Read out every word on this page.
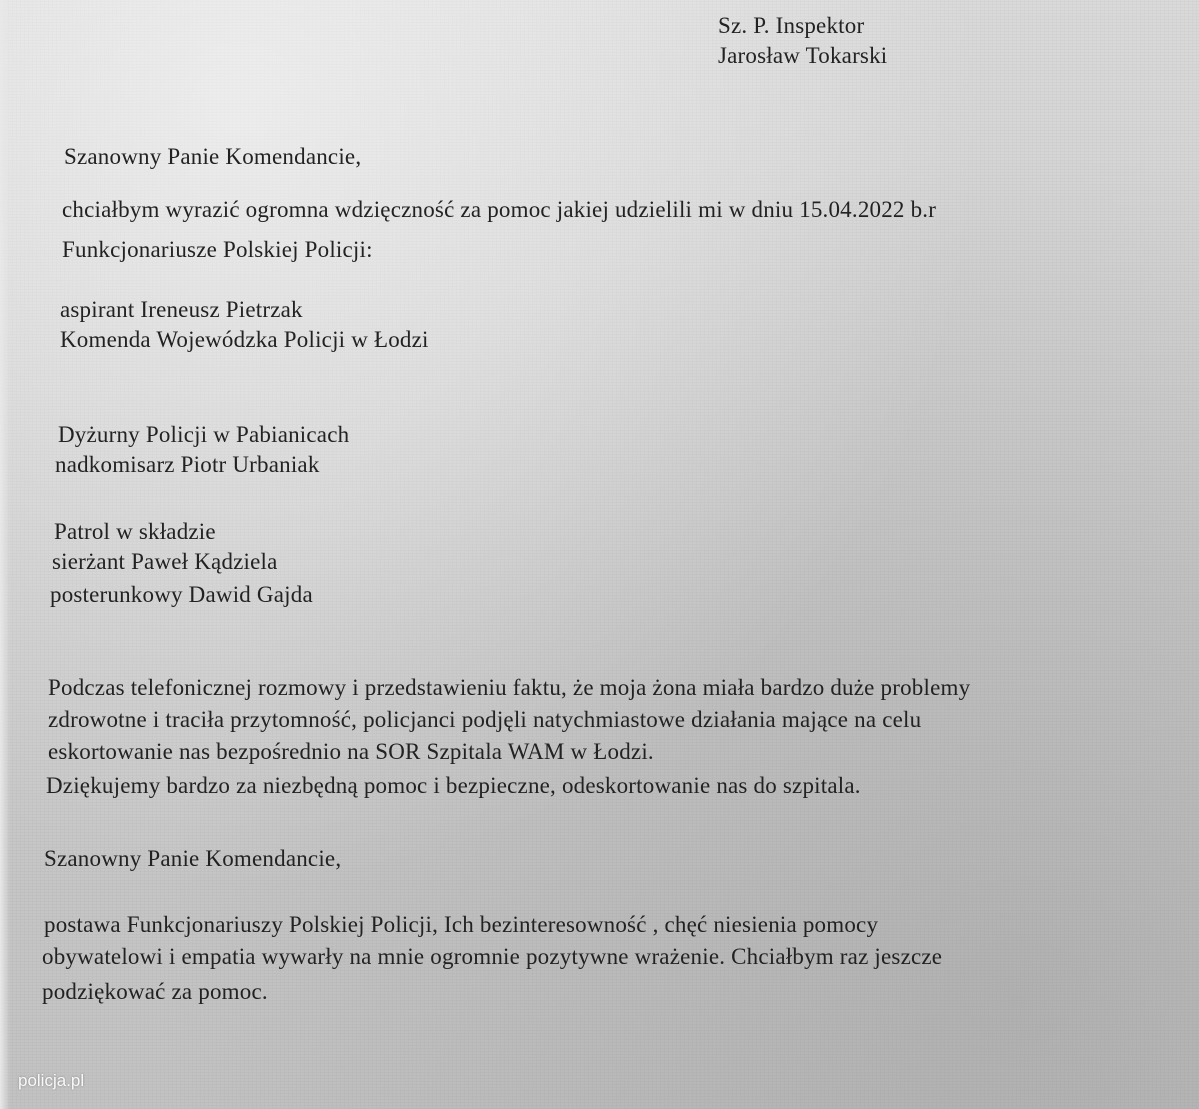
Sz. P. Inspektor
Jarosław Tokarski
Szanowny Panie Komendancie,
chciałbym wyrazić ogromna wdzięczność za pomoc jakiej udzielili mi w dniu 15.04.2022 b.r
Funkcjonariusze Polskiej Policji:
aspirant Ireneusz Pietrzak
Komenda Wojewódzka Policji w Łodzi
Dyżurny Policji w Pabianicach
nadkomisarz Piotr Urbaniak
Patrol w składzie
sierżant Paweł Kądziela
posterunkowy Dawid Gajda
Podczas telefonicznej rozmowy i przedstawieniu faktu, że moja żona miała bardzo duże problemy
zdrowotne i traciła przytomność, policjanci podjęli natychmiastowe działania mające na celu
eskortowanie nas bezpośrednio na SOR Szpitala WAM w Łodzi.
Dziękujemy bardzo za niezbędną pomoc i bezpieczne, odeskortowanie nas do szpitala.
Szanowny Panie Komendancie,
postawa Funkcjonariuszy Polskiej Policji, Ich bezinteresowność , chęć niesienia pomocy
obywatelowi i empatia wywarły na mnie ogromnie pozytywne wrażenie. Chciałbym raz jeszcze
podziękować za pomoc.
policja.pl
